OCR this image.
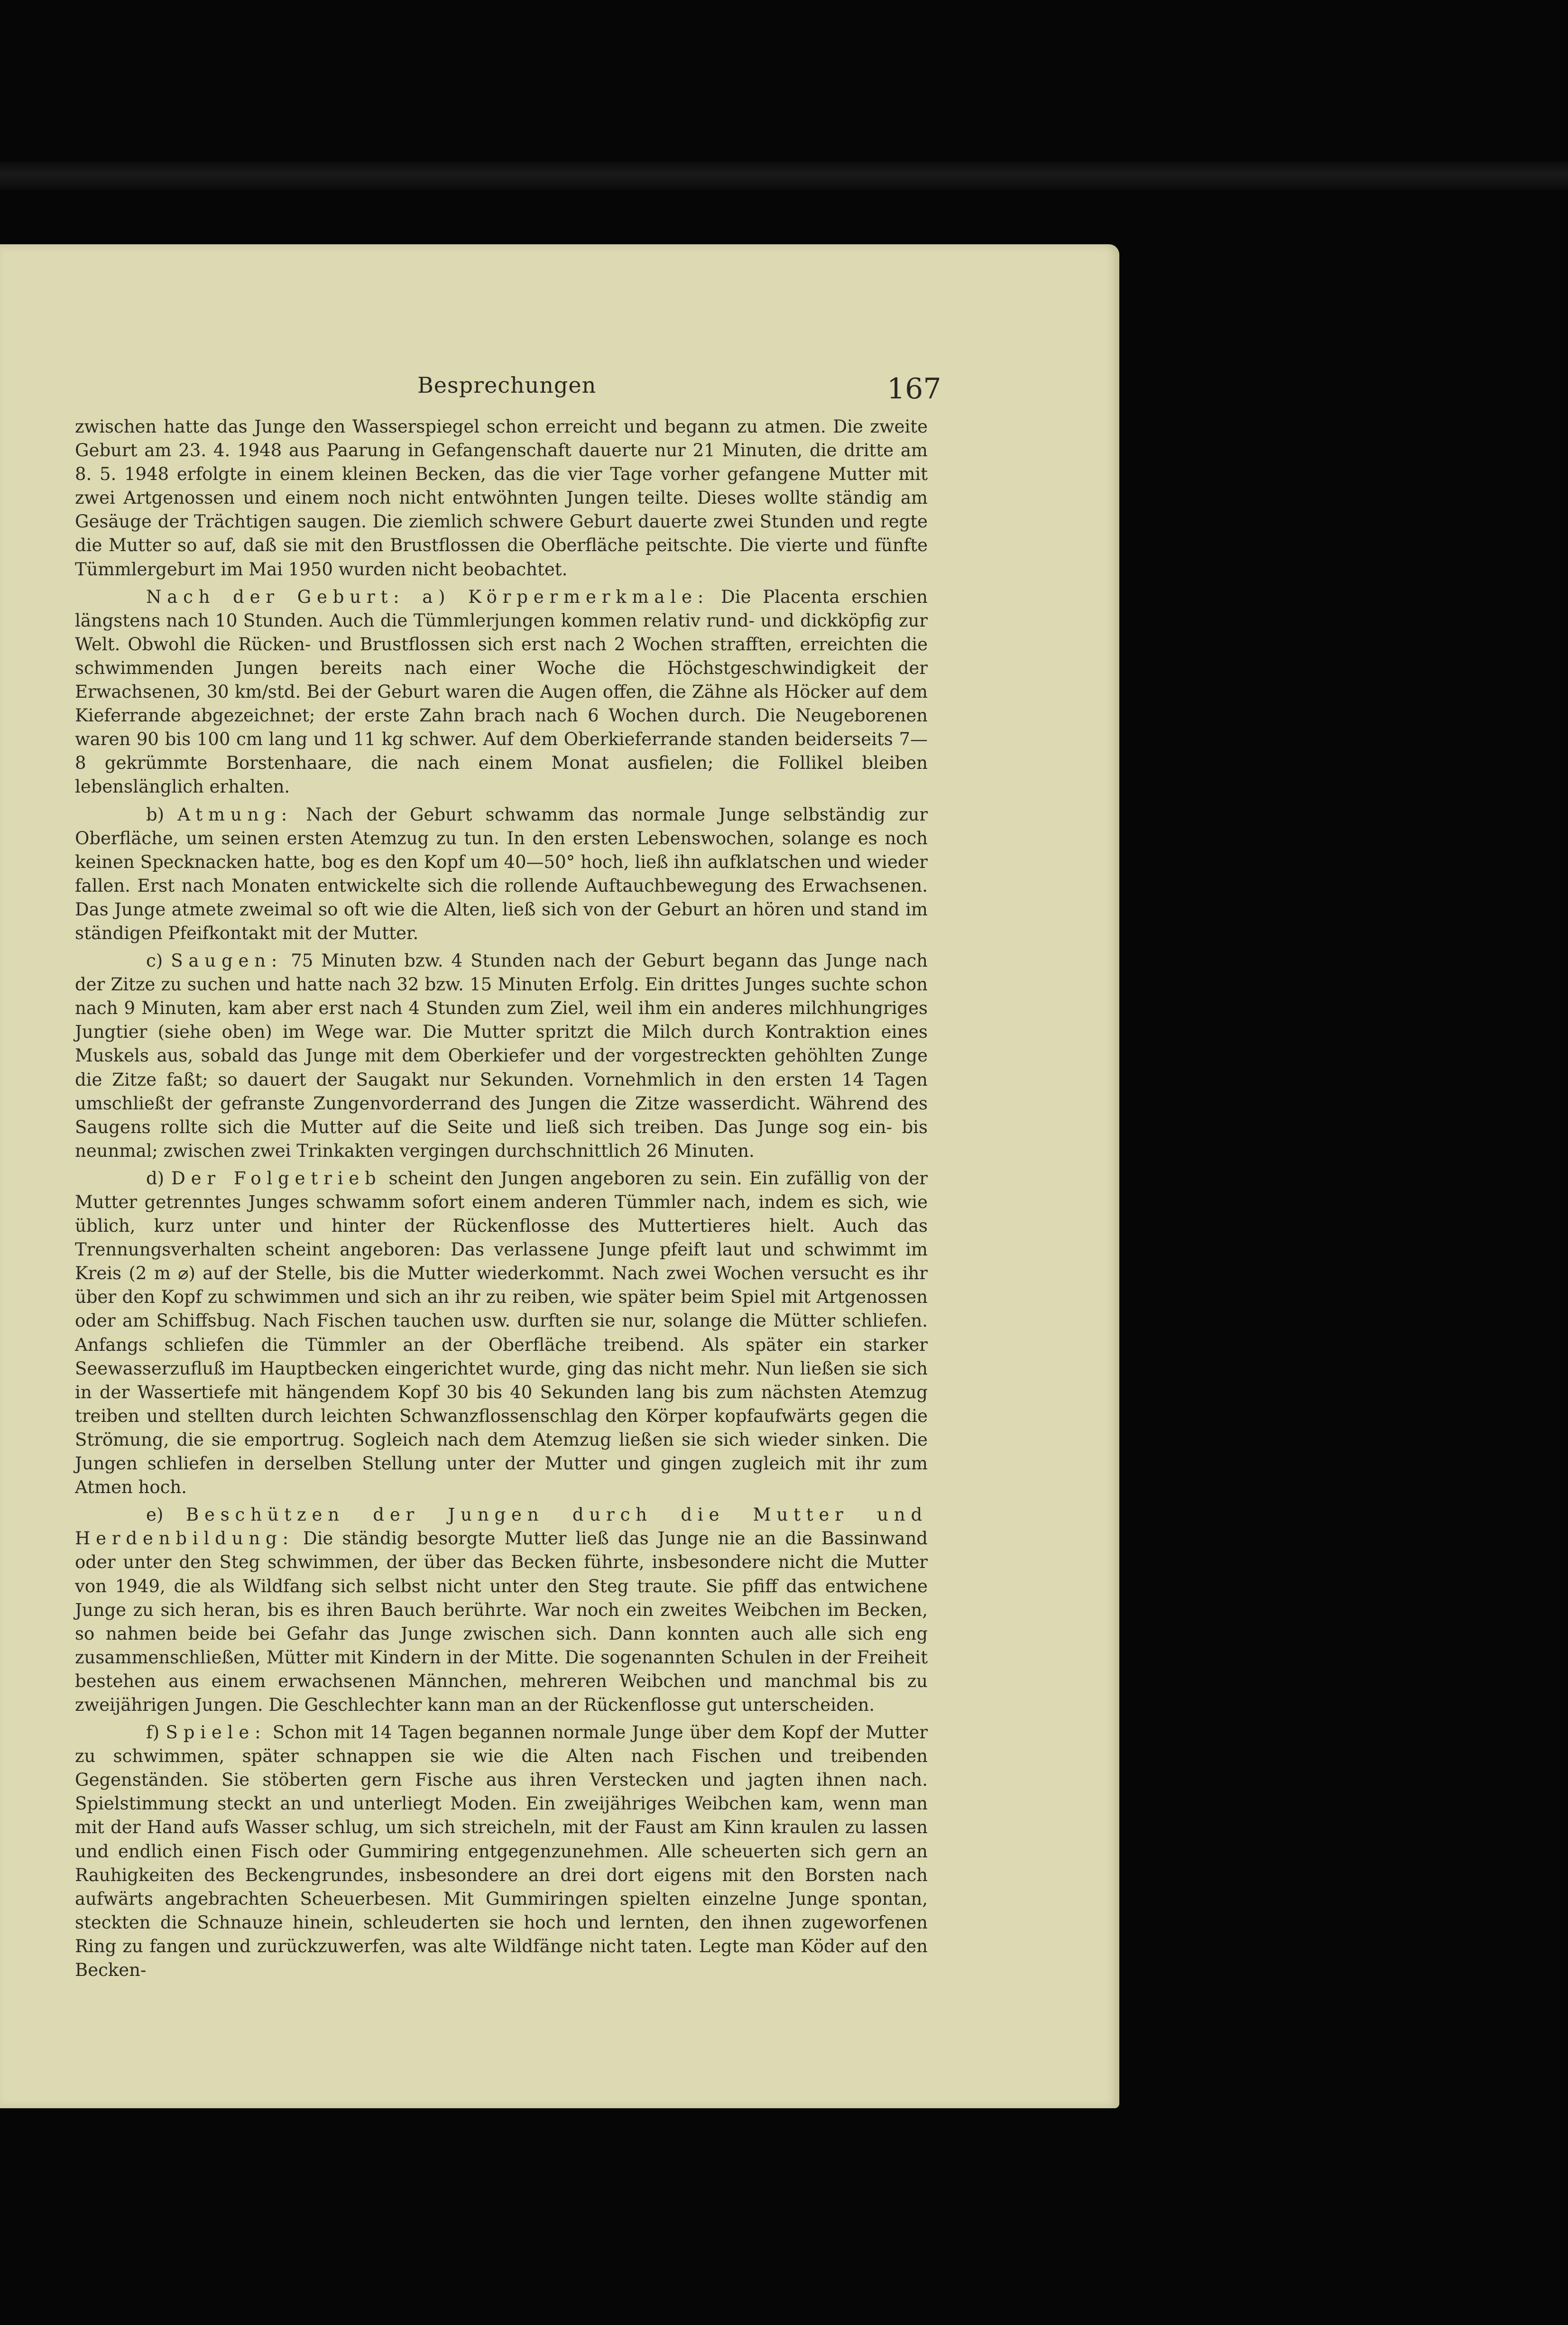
Besprechungen	167

zwischen hatte das Junge den Wasserspiegel schon erreicht und begann zu atmen. Die zweite Geburt am 23. 4. 1948 aus Paarung in Gefangenschaft dauerte nur 21 Minuten, die dritte am 8. 5. 1948 erfolgte in einem kleinen Becken, das die vier Tage vorher gefangene Mutter mit zwei Artgenossen und einem noch nicht entwöhnten Jungen teilte. Dieses wollte ständig am Gesäuge der Trächtigen saugen. Die ziemlich schwere Geburt dauerte zwei Stunden und regte die Mutter so auf, daß sie mit den Brustflossen die Oberfläche peitschte. Die vierte und fünfte Tümmlergeburt im Mai 1950 wurden nicht beobachtet.

Nach der Geburt: a) Körpermerkmale: Die Placenta erschien längstens nach 10 Stunden. Auch die Tümmlerjungen kommen relativ rund- und dickköpfig zur Welt. Obwohl die Rücken- und Brustflossen sich erst nach 2 Wochen strafften, erreichten die schwimmenden Jungen bereits nach einer Woche die Höchstgeschwindigkeit der Erwachsenen, 30 km/std. Bei der Geburt waren die Augen offen, die Zähne als Höcker auf dem Kieferrande abgezeichnet; der erste Zahn brach nach 6 Wochen durch. Die Neugeborenen waren 90 bis 100 cm lang und 11 kg schwer. Auf dem Oberkieferrande standen beiderseits 7—8 gekrümmte Borstenhaare, die nach einem Monat ausfielen; die Follikel bleiben lebenslänglich erhalten.

b) Atmung: Nach der Geburt schwamm das normale Junge selbständig zur Oberfläche, um seinen ersten Atemzug zu tun. In den ersten Lebenswochen, solange es noch keinen Specknacken hatte, bog es den Kopf um 40—50° hoch, ließ ihn aufklatschen und wieder fallen. Erst nach Monaten entwickelte sich die rollende Auftauchbewegung des Erwachsenen. Das Junge atmete zweimal so oft wie die Alten, ließ sich von der Geburt an hören und stand im ständigen Pfeifkontakt mit der Mutter.

c) Saugen: 75 Minuten bzw. 4 Stunden nach der Geburt begann das Junge nach der Zitze zu suchen und hatte nach 32 bzw. 15 Minuten Erfolg. Ein drittes Junges suchte schon nach 9 Minuten, kam aber erst nach 4 Stunden zum Ziel, weil ihm ein anderes milchhungriges Jungtier (siehe oben) im Wege war. Die Mutter spritzt die Milch durch Kontraktion eines Muskels aus, sobald das Junge mit dem Oberkiefer und der vorgestreckten gehöhlten Zunge die Zitze faßt; so dauert der Saugakt nur Sekunden. Vornehmlich in den ersten 14 Tagen umschließt der gefranste Zungenvorderrand des Jungen die Zitze wasserdicht. Während des Saugens rollte sich die Mutter auf die Seite und ließ sich treiben. Das Junge sog ein- bis neunmal; zwischen zwei Trinkakten vergingen durchschnittlich 26 Minuten.

d) Der Folgetrieb scheint den Jungen angeboren zu sein. Ein zufällig von der Mutter getrenntes Junges schwamm sofort einem anderen Tümmler nach, indem es sich, wie üblich, kurz unter und hinter der Rückenflosse des Muttertieres hielt. Auch das Trennungsverhalten scheint angeboren: Das verlassene Junge pfeift laut und schwimmt im Kreis (2 m ⌀) auf der Stelle, bis die Mutter wiederkommt. Nach zwei Wochen versucht es ihr über den Kopf zu schwimmen und sich an ihr zu reiben, wie später beim Spiel mit Artgenossen oder am Schiffsbug. Nach Fischen tauchen usw. durften sie nur, solange die Mütter schliefen. Anfangs schliefen die Tümmler an der Oberfläche treibend. Als später ein starker Seewasserzufluß im Hauptbecken eingerichtet wurde, ging das nicht mehr. Nun ließen sie sich in der Wassertiefe mit hängendem Kopf 30 bis 40 Sekunden lang bis zum nächsten Atemzug treiben und stellten durch leichten Schwanzflossenschlag den Körper kopfaufwärts gegen die Strömung, die sie emportrug. Sogleich nach dem Atemzug ließen sie sich wieder sinken. Die Jungen schliefen in derselben Stellung unter der Mutter und gingen zugleich mit ihr zum Atmen hoch.

e) Beschützen der Jungen durch die Mutter und Herdenbildung: Die ständig besorgte Mutter ließ das Junge nie an die Bassinwand oder unter den Steg schwimmen, der über das Becken führte, insbesondere nicht die Mutter von 1949, die als Wildfang sich selbst nicht unter den Steg traute. Sie pfiff das entwichene Junge zu sich heran, bis es ihren Bauch berührte. War noch ein zweites Weibchen im Becken, so nahmen beide bei Gefahr das Junge zwischen sich. Dann konnten auch alle sich eng zusammenschließen, Mütter mit Kindern in der Mitte. Die sogenannten Schulen in der Freiheit bestehen aus einem erwachsenen Männchen, mehreren Weibchen und manchmal bis zu zweijährigen Jungen. Die Geschlechter kann man an der Rückenflosse gut unterscheiden.

f) Spiele: Schon mit 14 Tagen begannen normale Junge über dem Kopf der Mutter zu schwimmen, später schnappen sie wie die Alten nach Fischen und treibenden Gegenständen. Sie stöberten gern Fische aus ihren Verstecken und jagten ihnen nach. Spielstimmung steckt an und unterliegt Moden. Ein zweijähriges Weibchen kam, wenn man mit der Hand aufs Wasser schlug, um sich streicheln, mit der Faust am Kinn kraulen zu lassen und endlich einen Fisch oder Gummiring entgegenzunehmen. Alle scheuerten sich gern an Rauhigkeiten des Beckengrundes, insbesondere an drei dort eigens mit den Borsten nach aufwärts angebrachten Scheuerbesen. Mit Gummiringen spielten einzelne Junge spontan, steckten die Schnauze hinein, schleuderten sie hoch und lernten, den ihnen zugeworfenen Ring zu fangen und zurückzuwerfen, was alte Wildfänge nicht taten. Legte man Köder auf den Becken-
